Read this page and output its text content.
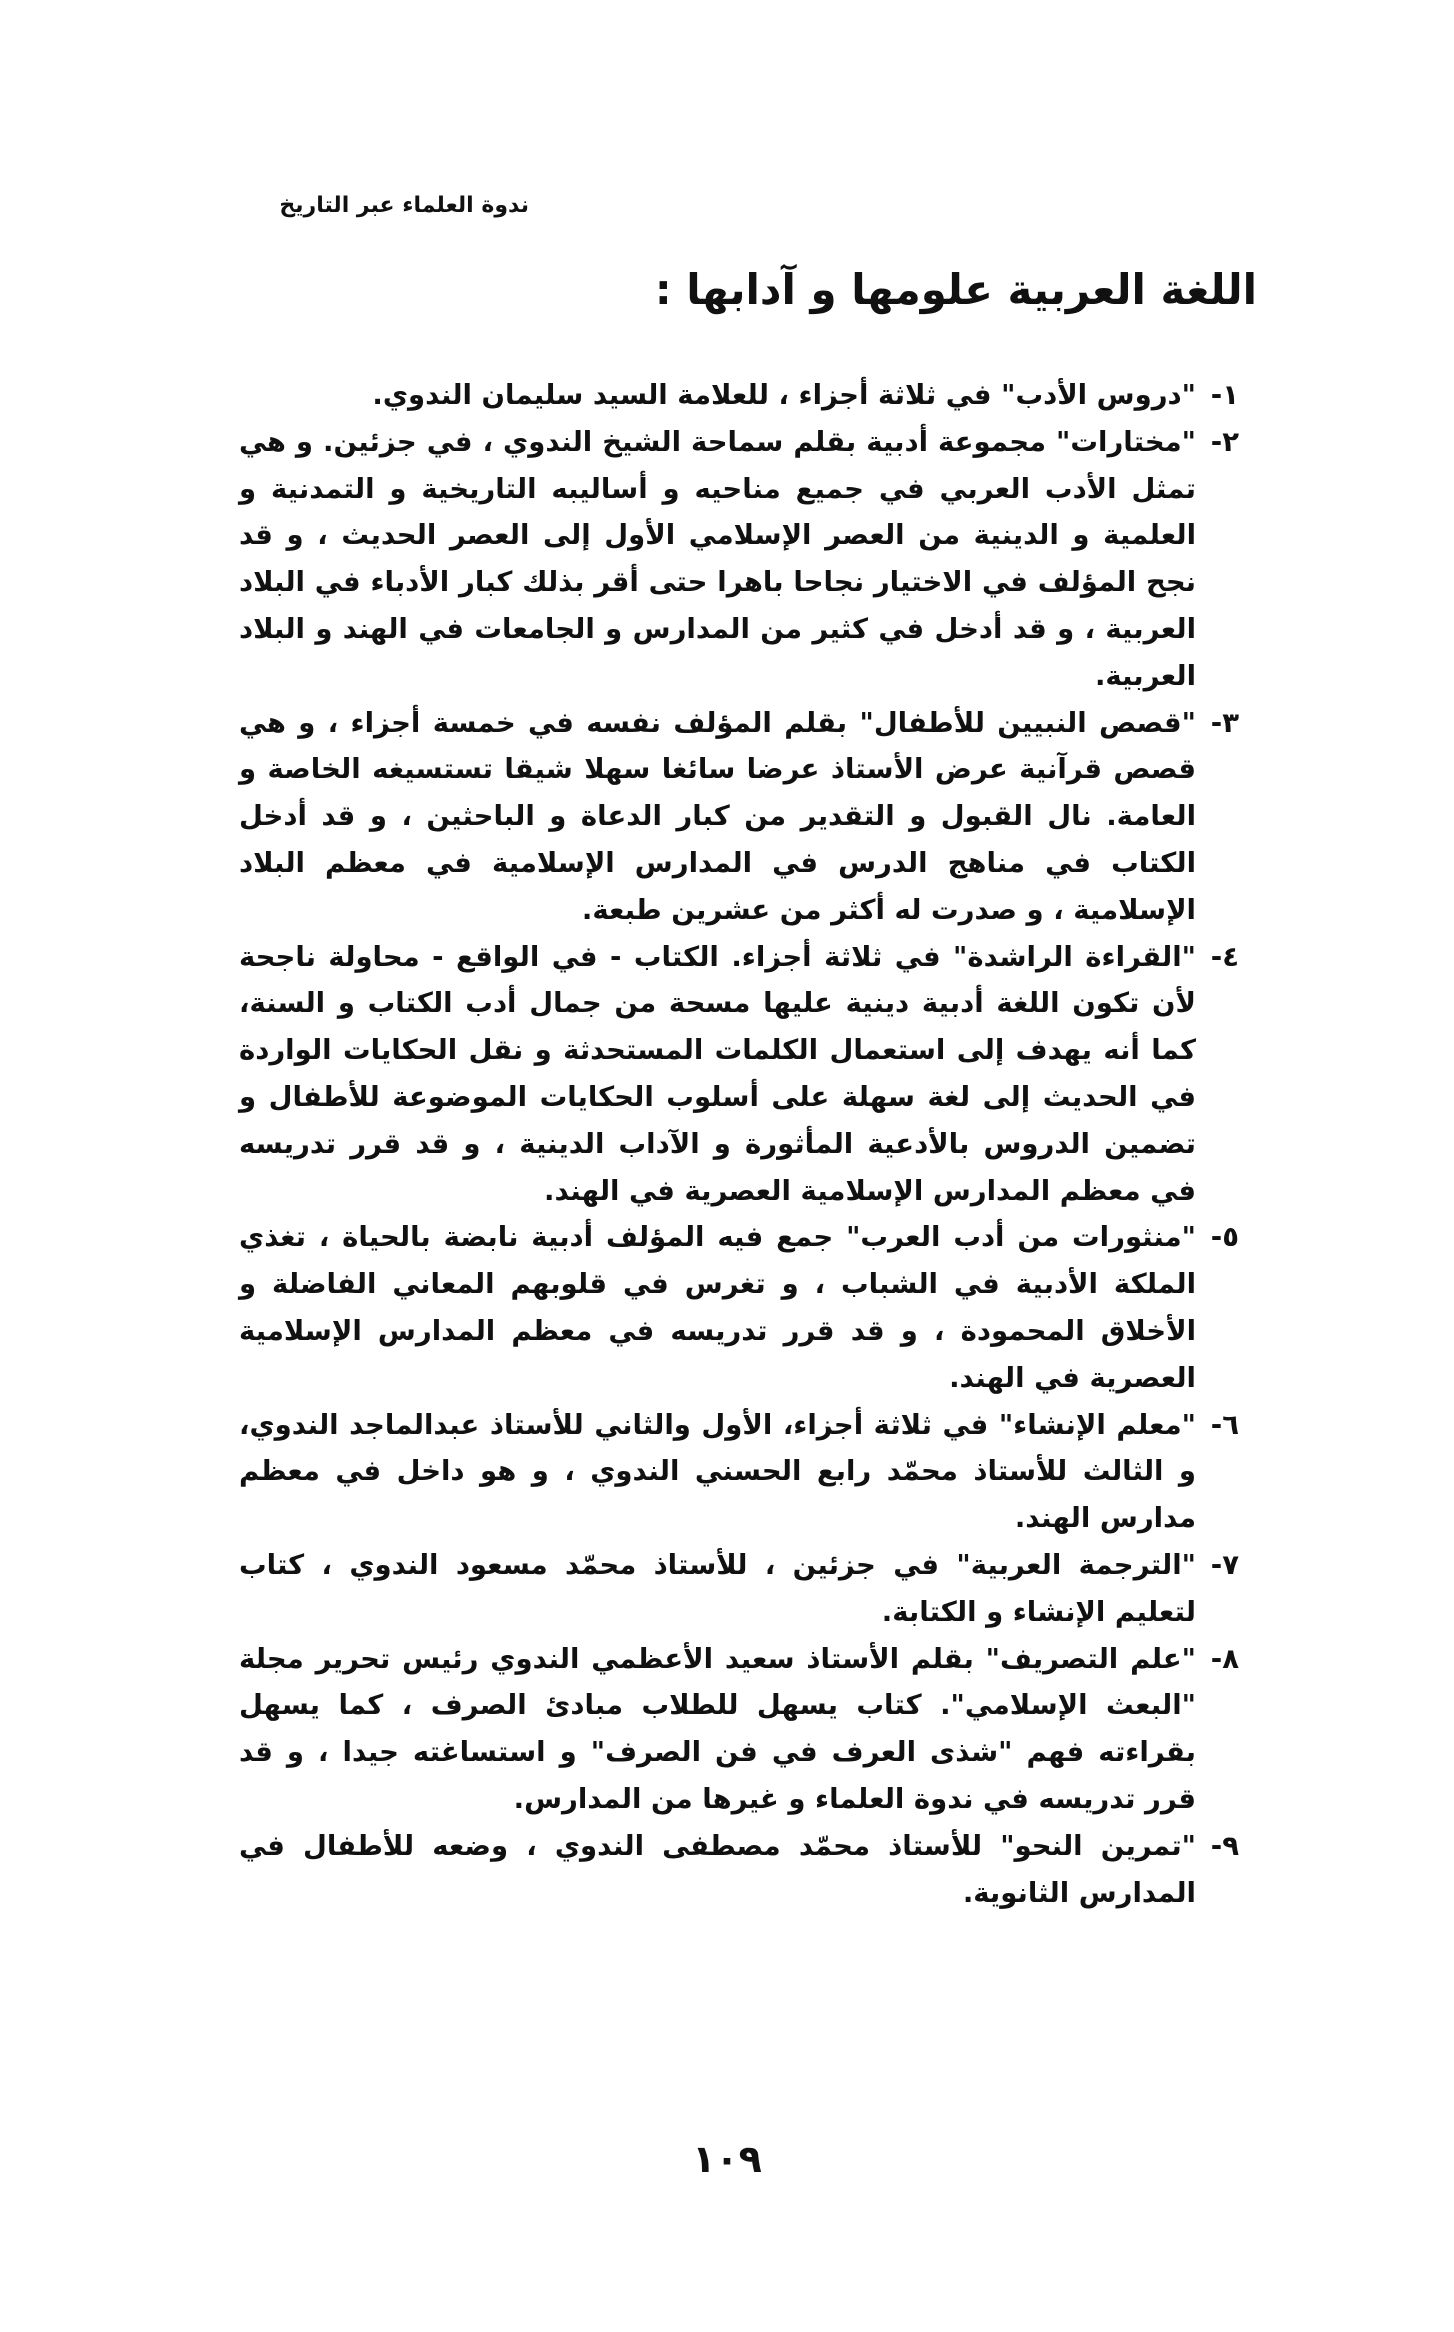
ندوة العلماء عبر التاريخ
اللغة العربية علومها و آدابها :
١-

"دروس الأدب" في ثلاثة أجزاء ، للعلامة السيد سليمان الندوي.

٢-

"مختارات" مجموعة أدبية بقلم سماحة الشيخ الندوي ، في جزئين. و هي تمثل الأدب العربي في جميع مناحيه و أساليبه التاريخية و التمدنية و العلمية و الدينية من العصر الإسلامي الأول إلى العصر الحديث ، و قد نجح المؤلف في الاختيار نجاحا باهرا حتى أقر بذلك كبار الأدباء في البلاد العربية ، و قد أدخل في كثير من المدارس و الجامعات في الهند و البلاد العربية.

٣-

"قصص النبيين للأطفال" بقلم المؤلف نفسه في خمسة أجزاء ، و هي قصص قرآنية عرض الأستاذ عرضا سائغا سهلا شيقا تستسيغه الخاصة و العامة. نال القبول و التقدير من كبار الدعاة و الباحثين ، و قد أدخل الكتاب في مناهج الدرس في المدارس الإسلامية في معظم البلاد الإسلامية ، و صدرت له أكثر من عشرين طبعة.

٤-

"القراءة الراشدة" في ثلاثة أجزاء. الكتاب - في الواقع - محاولة ناجحة لأن تكون اللغة أدبية دينية عليها مسحة من جمال أدب الكتاب و السنة، كما أنه يهدف إلى استعمال الكلمات المستحدثة و نقل الحكايات الواردة في الحديث إلى لغة سهلة على أسلوب الحكايات الموضوعة للأطفال و تضمين الدروس بالأدعية المأثورة و الآداب الدينية ، و قد قرر تدريسه في معظم المدارس الإسلامية العصرية في الهند.

٥-

"منثورات من أدب العرب" جمع فيه المؤلف أدبية نابضة بالحياة ، تغذي الملكة الأدبية في الشباب ، و تغرس في قلوبهم المعاني الفاضلة و الأخلاق المحمودة ، و قد قرر تدريسه في معظم المدارس الإسلامية العصرية في الهند.

٦-

"معلم الإنشاء" في ثلاثة أجزاء، الأول والثاني للأستاذ عبدالماجد الندوي، و الثالث للأستاذ محمّد رابع الحسني الندوي ، و هو داخل في معظم مدارس الهند.

٧-

"الترجمة العربية" في جزئين ، للأستاذ محمّد مسعود الندوي ، كتاب لتعليم الإنشاء و الكتابة.

٨-

"علم التصريف" بقلم الأستاذ سعيد الأعظمي الندوي رئيس تحرير مجلة "البعث الإسلامي". كتاب يسهل للطلاب مبادئ الصرف ، كما يسهل بقراءته فهم "شذى العرف في فن الصرف" و استساغته جيدا ، و قد قرر تدريسه في ندوة العلماء و غيرها من المدارس.

٩-

"تمرين النحو" للأستاذ محمّد مصطفى الندوي ، وضعه للأطفال في المدارس الثانوية.

١٠٩
